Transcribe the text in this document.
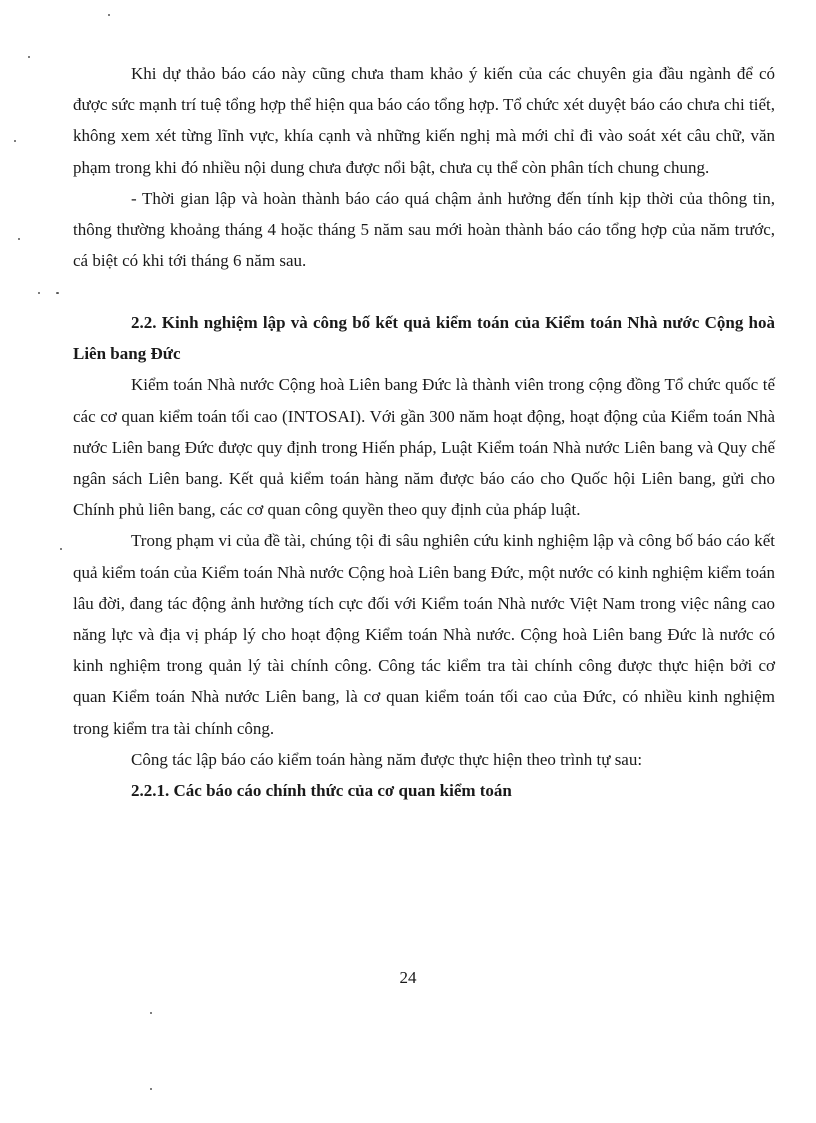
Khi dự thảo báo cáo này cũng chưa tham khảo ý kiến của các chuyên gia đầu ngành để có được sức mạnh trí tuệ tổng hợp thể hiện qua báo cáo tổng hợp. Tổ chức xét duyệt báo cáo chưa chi tiết, không xem xét từng lĩnh vực, khía cạnh và những kiến nghị mà mới chỉ đi vào soát xét câu chữ, văn phạm trong khi đó nhiều nội dung chưa được nổi bật, chưa cụ thể còn phân tích chung chung.

- Thời gian lập và hoàn thành báo cáo quá chậm ảnh hưởng đến tính kịp thời của thông tin, thông thường khoảng tháng 4 hoặc tháng 5 năm sau mới hoàn thành báo cáo tổng hợp của năm trước, cá biệt có khi tới tháng 6 năm sau.

2.2. Kinh nghiệm lập và công bố kết quả kiểm toán của Kiểm toán Nhà nước Cộng hoà Liên bang Đức

Kiểm toán Nhà nước Cộng hoà Liên bang Đức là thành viên trong cộng đồng Tổ chức quốc tế các cơ quan kiểm toán tối cao (INTOSAI). Với gần 300 năm hoạt động, hoạt động của Kiểm toán Nhà nước Liên bang Đức được quy định trong Hiến pháp, Luật Kiểm toán Nhà nước Liên bang và Quy chế ngân sách Liên bang. Kết quả kiểm toán hàng năm được báo cáo cho Quốc hội Liên bang, gửi cho Chính phủ liên bang, các cơ quan công quyền theo quy định của pháp luật.

Trong phạm vi của đề tài, chúng tội đi sâu nghiên cứu kinh nghiệm lập và công bố báo cáo kết quả kiểm toán của Kiểm toán Nhà nước Cộng hoà Liên bang Đức, một nước có kinh nghiệm kiểm toán lâu đời, đang tác động ảnh hưởng tích cực đối với Kiểm toán Nhà nước Việt Nam trong việc nâng cao năng lực và địa vị pháp lý cho hoạt động Kiểm toán Nhà nước. Cộng hoà Liên bang Đức là nước có kinh nghiệm trong quản lý tài chính công. Công tác kiểm tra tài chính công được thực hiện bởi cơ quan Kiểm toán Nhà nước Liên bang, là cơ quan kiểm toán tối cao của Đức, có nhiều kinh nghiệm trong kiểm tra tài chính công.

Công tác lập báo cáo kiểm toán hàng năm được thực hiện theo trình tự sau:

2.2.1. Các báo cáo chính thức của cơ quan kiểm toán

24
